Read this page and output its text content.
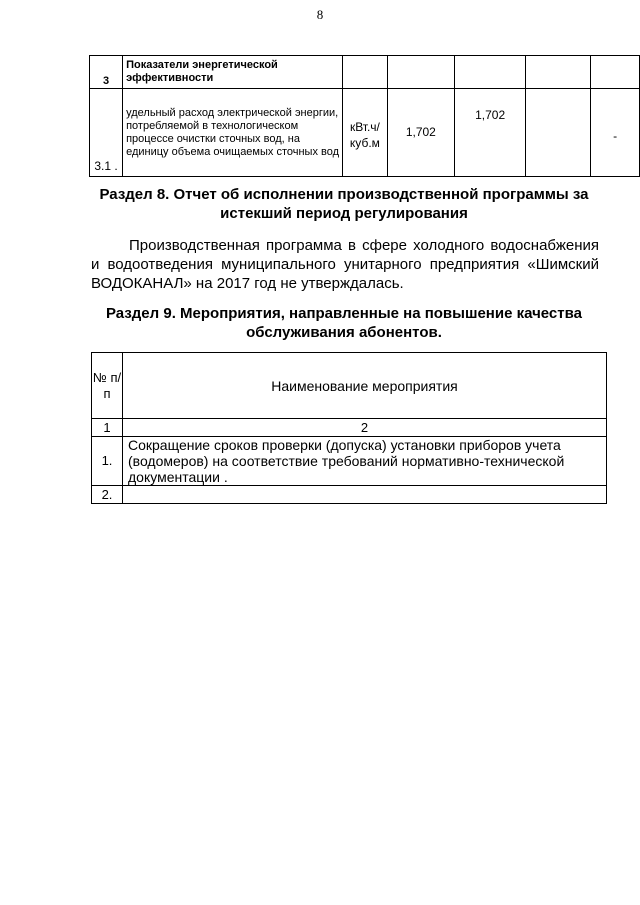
8
3	Показатели энергетической эффективности					
3.1 .	удельный расход электрической энергии, потребляемой в технологическом процессе очистки сточных вод, на единицу объема очищаемых сточных вод	кВт.ч/ куб.м	1,702	1,702		-
Раздел 8. Отчет об исполнении производственной программы за истекший период регулирования
Производственная программа в сфере холодного водоснабжения и водоотведения муниципального унитарного предприятия «Шимский ВОДОКАНАЛ» на 2017 год не утверждалась.
Раздел 9. Мероприятия, направленные на повышение качества обслуживания абонентов.
№ п/п	Наименование мероприятия
1	2
1.	Сокращение сроков проверки (допуска) установки приборов учета (водомеров) на соответствие требований нормативно-технической документации .
2.	
